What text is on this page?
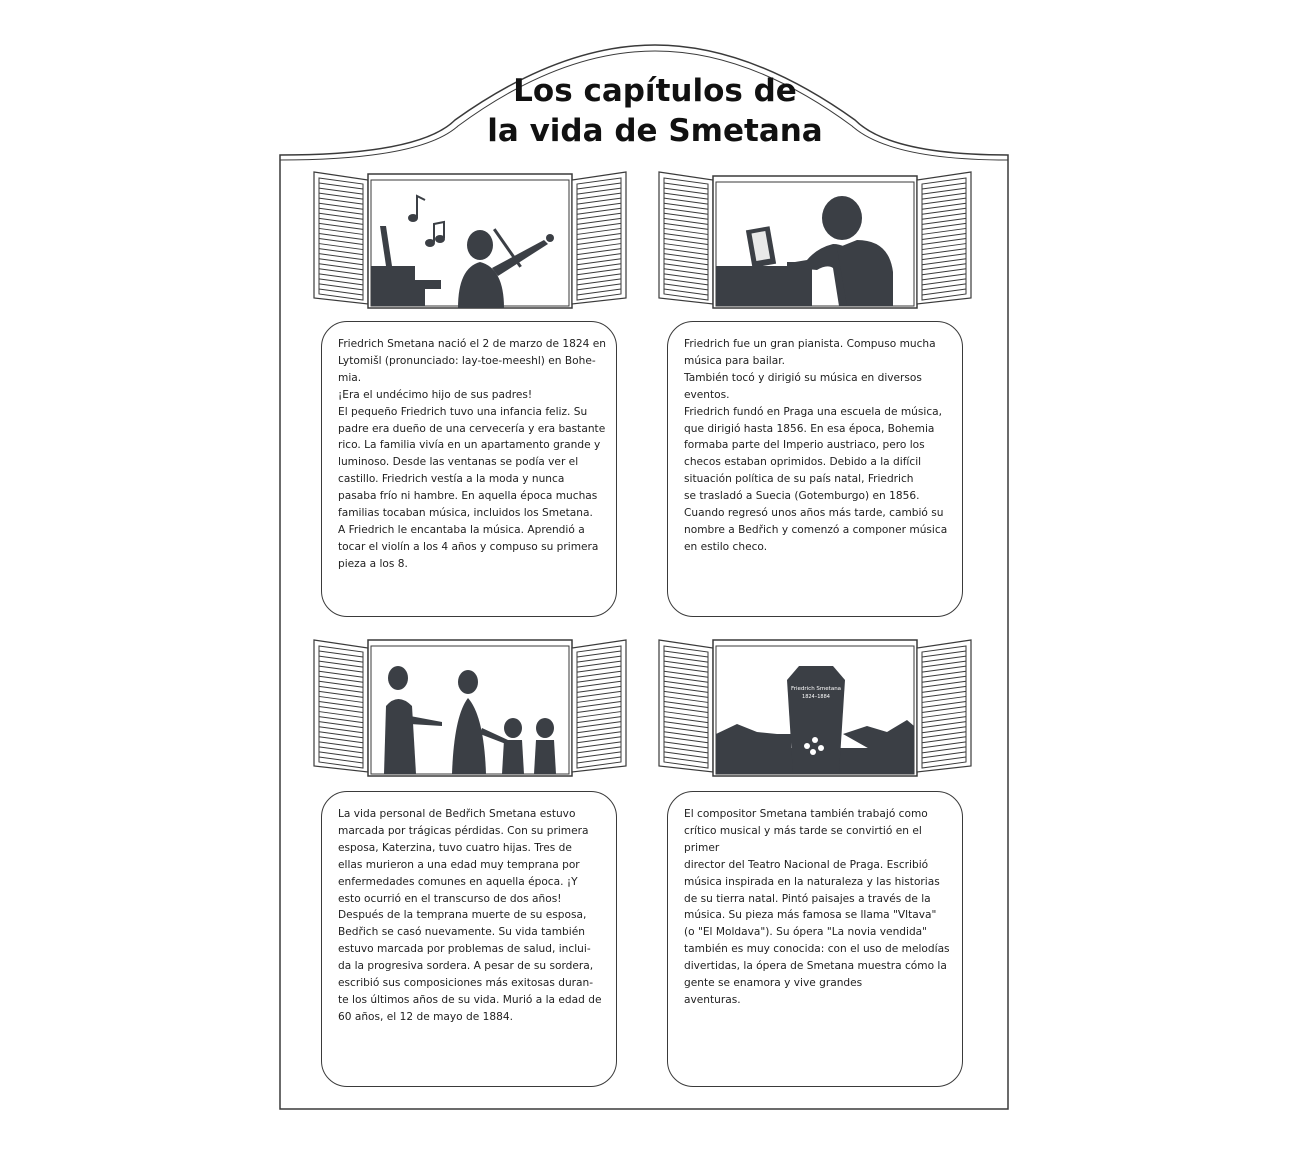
Los capítulos de
la vida de Smetana
Friedrich Smetana
1824–1884

Friedrich Smetana nació el 2 de marzo de 1824 en

Lytomišl (pronunciado: lay-toe-meeshl) en Bohe-

mia.

¡Era el undécimo hijo de sus padres!

El pequeño Friedrich tuvo una infancia feliz. Su

padre era dueño de una cervecería y era bastante

rico. La familia vivía en un apartamento grande y

luminoso. Desde las ventanas se podía ver el

castillo. Friedrich vestía a la moda y nunca

pasaba frío ni hambre. En aquella época muchas

familias tocaban música, incluidos los Smetana.

A Friedrich le encantaba la música. Aprendió a

tocar el violín a los 4 años y compuso su primera

pieza a los 8.

Friedrich fue un gran pianista. Compuso mucha

música para bailar.

También tocó y dirigió su música en diversos

eventos.

Friedrich fundó en Praga una escuela de música,

que dirigió hasta 1856. En esa época, Bohemia

formaba parte del Imperio austriaco, pero los

checos estaban oprimidos. Debido a la difícil

situación política de su país natal, Friedrich

se trasladó a Suecia (Gotemburgo) en 1856.

Cuando regresó unos años más tarde, cambió su

nombre a Bedřich y comenzó a componer música

en estilo checo.

La vida personal de Bedřich Smetana estuvo

marcada por trágicas pérdidas. Con su primera

esposa, Katerzina, tuvo cuatro hijas. Tres de

ellas murieron a una edad muy temprana por

enfermedades comunes en aquella época. ¡Y

esto ocurrió en el transcurso de dos años!

Después de la temprana muerte de su esposa,

Bedřich se casó nuevamente. Su vida también

estuvo marcada por problemas de salud, inclui-

da la progresiva sordera. A pesar de su sordera,

escribió sus composiciones más exitosas duran-

te los últimos años de su vida. Murió a la edad de

60 años, el 12 de mayo de 1884.

El compositor Smetana también trabajó como

crítico musical y más tarde se convirtió en el

primer

director del Teatro Nacional de Praga. Escribió

música inspirada en la naturaleza y las historias

de su tierra natal. Pintó paisajes a través de la

música. Su pieza más famosa se llama "Vltava"

(o "El Moldava"). Su ópera "La novia vendida"

también es muy conocida: con el uso de melodías

divertidas, la ópera de Smetana muestra cómo la

gente se enamora y vive grandes

aventuras.
